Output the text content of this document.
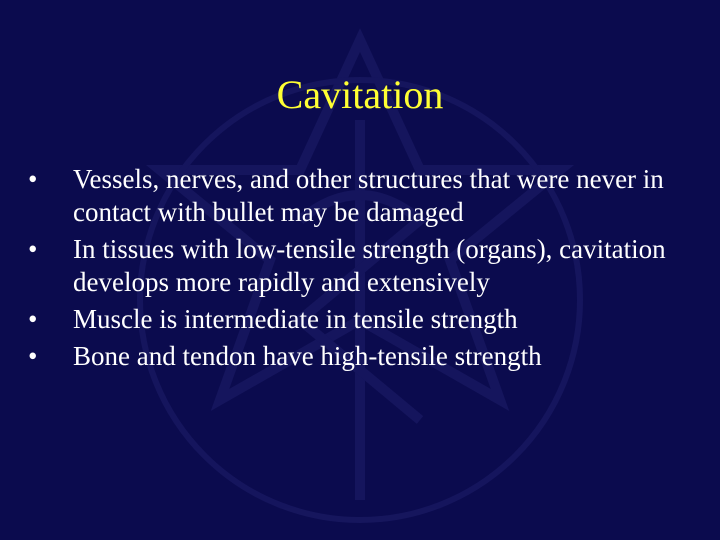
Cavitation
•	Vessels, nerves, and other structures that were never in contact with bullet may be damaged
•	In tissues with low-tensile strength (organs), cavitation develops more rapidly and extensively
•	Muscle is intermediate in tensile strength
•	Bone and tendon have high-tensile strength
